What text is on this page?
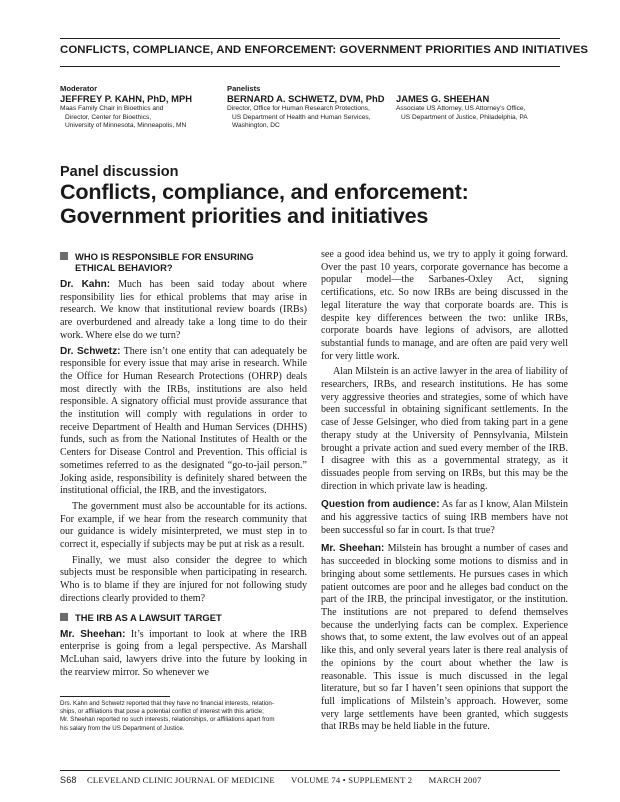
CONFLICTS, COMPLIANCE, AND ENFORCEMENT: GOVERNMENT PRIORITIES AND INITIATIVES
Moderator
JEFFREY P. KAHN, PhD, MPH
Maas Family Chair in Bioethics and
Director, Center for Bioethics,
University of Minnesota, Minneapolis, MN
Panelists
BERNARD A. SCHWETZ, DVM, PhD
Director, Office for Human Research Protections,
US Department of Health and Human Services,
Washington, DC
JAMES G. SHEEHAN
Associate US Attorney, US Attorney’s Office,
US Department of Justice, Philadelphia, PA
Panel discussion
Conflicts, compliance, and enforcement:
Government priorities and initiatives
WHO IS RESPONSIBLE FOR ENSURING
ETHICAL BEHAVIOR?

Dr. Kahn: Much has been said today about where responsibility lies for ethical problems that may arise in research. We know that institutional review boards (IRBs) are overburdened and already take a long time to do their work. Where else do we turn?

Dr. Schwetz: There isn’t one entity that can adequately be responsible for every issue that may arise in research. While the Office for Human Research Protections (OHRP) deals most directly with the IRBs, institutions are also held responsible. A signatory official must provide assurance that the institution will comply with regulations in order to receive Department of Health and Human Services (DHHS) funds, such as from the National Institutes of Health or the Centers for Disease Control and Prevention. This official is sometimes referred to as the designated “go-to-jail person.” Joking aside, responsibility is definitely shared between the institutional official, the IRB, and the investigators.

The government must also be accountable for its actions. For example, if we hear from the research community that our guidance is widely misinterpreted, we must step in to correct it, especially if subjects may be put at risk as a result.

Finally, we must also consider the degree to which subjects must be responsible when participating in research. Who is to blame if they are injured for not following study directions clearly provided to them?

THE IRB AS A LAWSUIT TARGET

Mr. Sheehan: It’s important to look at where the IRB enterprise is going from a legal perspective. As Marshall McLuhan said, lawyers drive into the future by looking in the rearview mirror. So whenever we

see a good idea behind us, we try to apply it going forward. Over the past 10 years, corporate governance has become a popular model—the Sarbanes-Oxley Act, signing certifications, etc. So now IRBs are being discussed in the legal literature the way that corporate boards are. This is despite key differences between the two: unlike IRBs, corporate boards have legions of advisors, are allotted substantial funds to manage, and are often are paid very well for very little work.

Alan Milstein is an active lawyer in the area of liability of researchers, IRBs, and research institutions. He has some very aggressive theories and strategies, some of which have been successful in obtaining significant settlements. In the case of Jesse Gelsinger, who died from taking part in a gene therapy study at the University of Pennsylvania, Milstein brought a private action and sued every member of the IRB. I disagree with this as a governmental strategy, as it dissuades people from serving on IRBs, but this may be the direction in which private law is heading.

Question from audience: As far as I know, Alan Milstein and his aggressive tactics of suing IRB members have not been successful so far in court. Is that true?

Mr. Sheehan: Milstein has brought a number of cases and has succeeded in blocking some motions to dismiss and in bringing about some settlements. He pursues cases in which patient outcomes are poor and he alleges bad conduct on the part of the IRB, the principal investigator, or the institution. The institutions are not prepared to defend themselves because the underlying facts can be complex. Experience shows that, to some extent, the law evolves out of an appeal like this, and only several years later is there real analysis of the opinions by the court about whether the law is reasonable. This issue is much discussed in the legal literature, but so far I haven’t seen opinions that support the full implications of Milstein’s approach. However, some very large settlements have been granted, which suggests that IRBs may be held liable in the future.

Drs. Kahn and Schwetz reported that they have no financial interests, relation-
ships, or affiliations that pose a potential conflict of interest with this article;
Mr. Sheehan reported no such interests, relationships, or affiliations apart from
his salary from the US Department of Justice.
S68 CLEVELAND CLINIC JOURNAL OF MEDICINE VOLUME 74 • SUPPLEMENT 2 MARCH 2007
